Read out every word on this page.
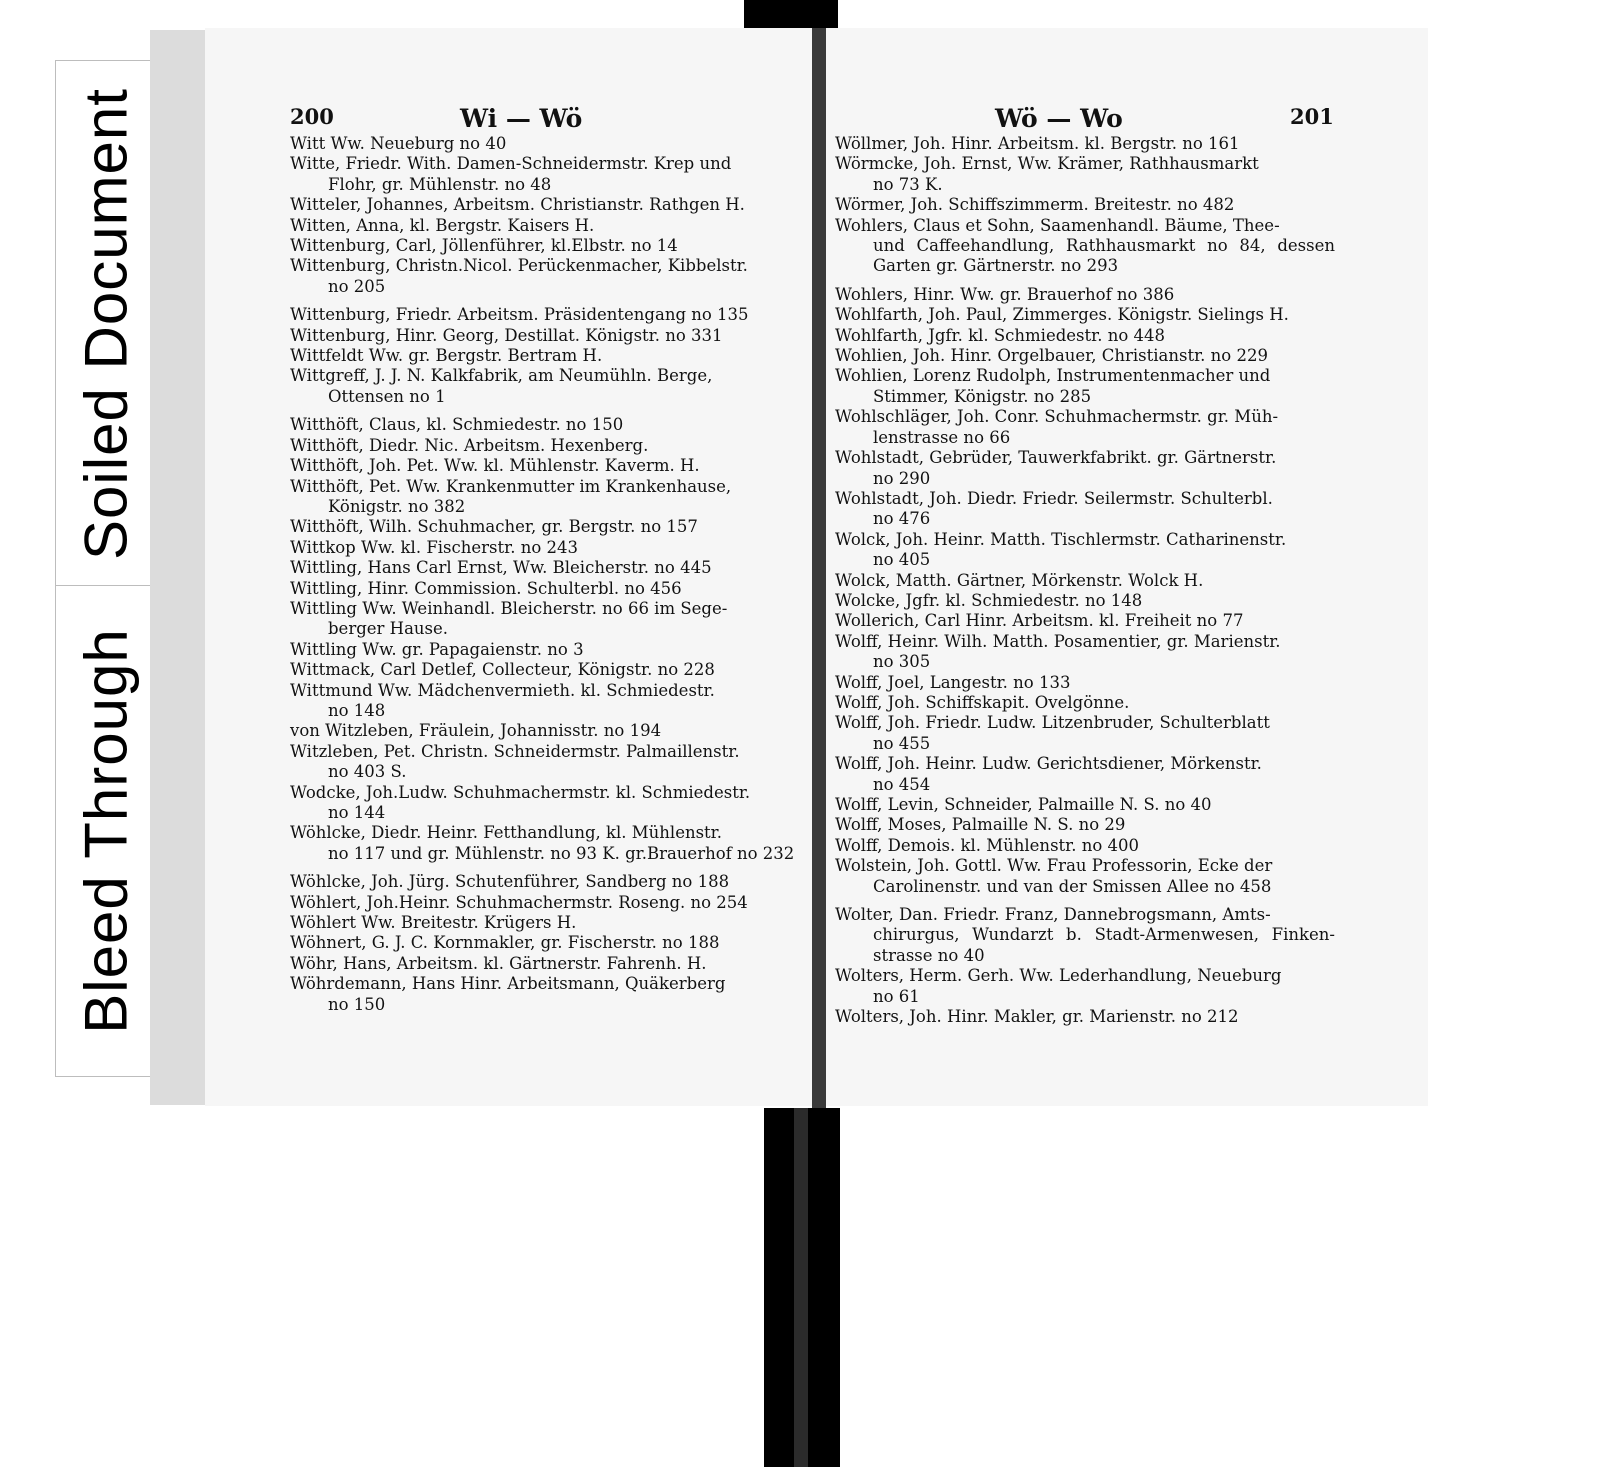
Soiled Document
Bleed Through
200	Wi — Wö	Wö — Wo	201

Witt Ww. Neueburg no 40

Witte, Friedr. With. Damen-Schneidermstr. Krep und
Flohr, gr. Mühlenstr. no 48

Witteler, Johannes, Arbeitsm. Christianstr. Rathgen H.

Witten, Anna, kl. Bergstr. Kaisers H.

Wittenburg, Carl, Jöllenführer, kl.Elbstr. no 14

Wittenburg, Christn.Nicol. Perückenmacher, Kibbelstr.
no 205

Wittenburg, Friedr. Arbeitsm. Präsidentengang no 135

Wittenburg, Hinr. Georg, Destillat. Königstr. no 331

Wittfeldt Ww. gr. Bergstr. Bertram H.

Wittgreff, J. J. N. Kalkfabrik, am Neumühln. Berge,
Ottensen no 1

Witthöft, Claus, kl. Schmiedestr. no 150

Witthöft, Diedr. Nic. Arbeitsm. Hexenberg.

Witthöft, Joh. Pet. Ww. kl. Mühlenstr. Kaverm. H.

Witthöft, Pet. Ww. Krankenmutter im Krankenhause,
Königstr. no 382

Witthöft, Wilh. Schuhmacher, gr. Bergstr. no 157

Wittkop Ww. kl. Fischerstr. no 243

Wittling, Hans Carl Ernst, Ww. Bleicherstr. no 445

Wittling, Hinr. Commission. Schulterbl. no 456

Wittling Ww. Weinhandl. Bleicherstr. no 66 im Sege-
berger Hause.

Wittling Ww. gr. Papagaienstr. no 3

Wittmack, Carl Detlef, Collecteur, Königstr. no 228

Wittmund Ww. Mädchenvermieth. kl. Schmiedestr.
no 148

von Witzleben, Fräulein, Johannisstr. no 194

Witzleben, Pet. Christn. Schneidermstr. Palmaillenstr.
no 403 S.

Wodcke, Joh.Ludw. Schuhmachermstr. kl. Schmiedestr.
no 144

Wöhlcke, Diedr. Heinr. Fetthandlung, kl. Mühlenstr.
no 117 und gr. Mühlenstr. no 93 K. gr.Brauerhof no 232

Wöhlcke, Joh. Jürg. Schutenführer, Sandberg no 188

Wöhlert, Joh.Heinr. Schuhmachermstr. Roseng. no 254

Wöhlert Ww. Breitestr. Krügers H.

Wöhnert, G. J. C. Kornmakler, gr. Fischerstr. no 188

Wöhr, Hans, Arbeitsm. kl. Gärtnerstr. Fahrenh. H.

Wöhrdemann, Hans Hinr. Arbeitsmann, Quäkerberg
no 150

Wöllmer, Joh. Hinr. Arbeitsm. kl. Bergstr. no 161

Wörmcke, Joh. Ernst, Ww. Krämer, Rathhausmarkt
no 73 K.

Wörmer, Joh. Schiffszimmerm. Breitestr. no 482

Wohlers, Claus et Sohn, Saamenhandl. Bäume, Thee-
und Caffeehandlung, Rathhausmarkt no 84, dessen Garten gr. Gärtnerstr. no 293

Wohlers, Hinr. Ww. gr. Brauerhof no 386

Wohlfarth, Joh. Paul, Zimmerges. Königstr. Sielings H.

Wohlfarth, Jgfr. kl. Schmiedestr. no 448

Wohlien, Joh. Hinr. Orgelbauer, Christianstr. no 229

Wohlien, Lorenz Rudolph, Instrumentenmacher und
Stimmer, Königstr. no 285

Wohlschläger, Joh. Conr. Schuhmachermstr. gr. Müh-
lenstrasse no 66

Wohlstadt, Gebrüder, Tauwerkfabrikt. gr. Gärtnerstr.
no 290

Wohlstadt, Joh. Diedr. Friedr. Seilermstr. Schulterbl.
no 476

Wolck, Joh. Heinr. Matth. Tischlermstr. Catharinenstr.
no 405

Wolck, Matth. Gärtner, Mörkenstr. Wolck H.

Wolcke, Jgfr. kl. Schmiedestr. no 148

Wollerich, Carl Hinr. Arbeitsm. kl. Freiheit no 77

Wolff, Heinr. Wilh. Matth. Posamentier, gr. Marienstr.
no 305

Wolff, Joel, Langestr. no 133

Wolff, Joh. Schiffskapit. Ovelgönne.

Wolff, Joh. Friedr. Ludw. Litzenbruder, Schulterblatt
no 455

Wolff, Joh. Heinr. Ludw. Gerichtsdiener, Mörkenstr.
no 454

Wolff, Levin, Schneider, Palmaille N. S. no 40

Wolff, Moses, Palmaille N. S. no 29

Wolff, Demois. kl. Mühlenstr. no 400

Wolstein, Joh. Gottl. Ww. Frau Professorin, Ecke der
Carolinenstr. und van der Smissen Allee no 458

Wolter, Dan. Friedr. Franz, Dannebrogsmann, Amts-
chirurgus, Wundarzt b. Stadt-Armenwesen, Finken-strasse no 40

Wolters, Herm. Gerh. Ww. Lederhandlung, Neueburg
no 61

Wolters, Joh. Hinr. Makler, gr. Marienstr. no 212
